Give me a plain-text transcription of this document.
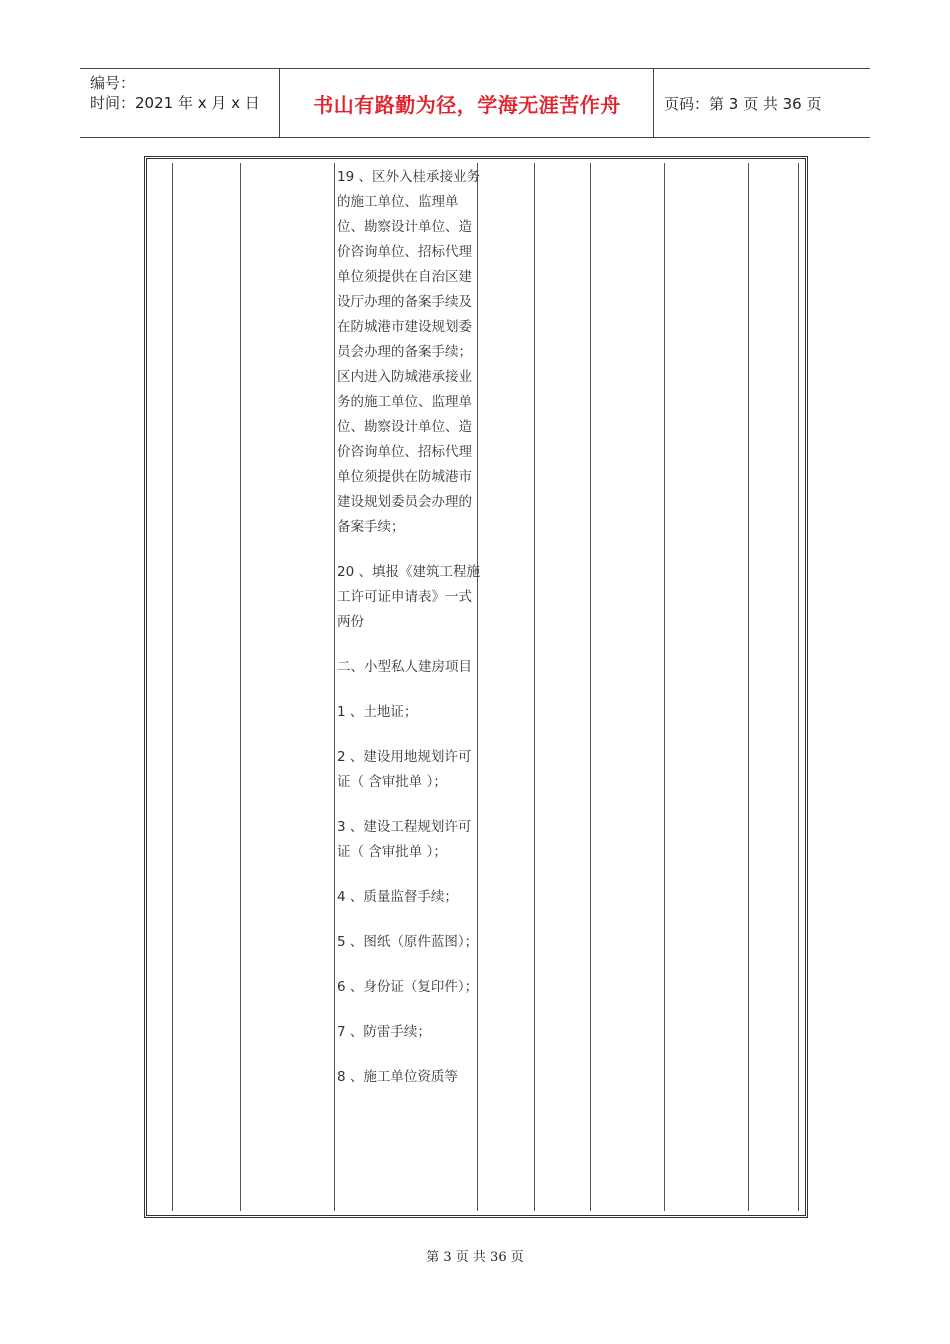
编号：
时间：2021 年 x 月 x 日	书山有路勤为径，学海无涯苦作舟	页码：第 3 页 共 36 页

19 、区外入桂承接业务的施工单位、监理单位、勘察设计单位、造价咨询单位、招标代理单位须提供在自治区建设厅办理的备案手续及在防城港市建设规划委员会办理的备案手续；区内进入防城港承接业务的施工单位、监理单位、勘察设计单位、造价咨询单位、招标代理单位须提供在防城港市建设规划委员会办理的备案手续；

20 、填报《建筑工程施工许可证申请表》一式两份

二、小型私人建房项目

1 、土地证；

2 、建设用地规划许可证（ 含审批单 ）；

3 、建设工程规划许可证（ 含审批单 ）；

4 、质量监督手续；

5 、图纸（原件蓝图）；

6 、身份证（复印件）；

7 、防雷手续；

8 、施工单位资质等

第 3 页 共 36 页
